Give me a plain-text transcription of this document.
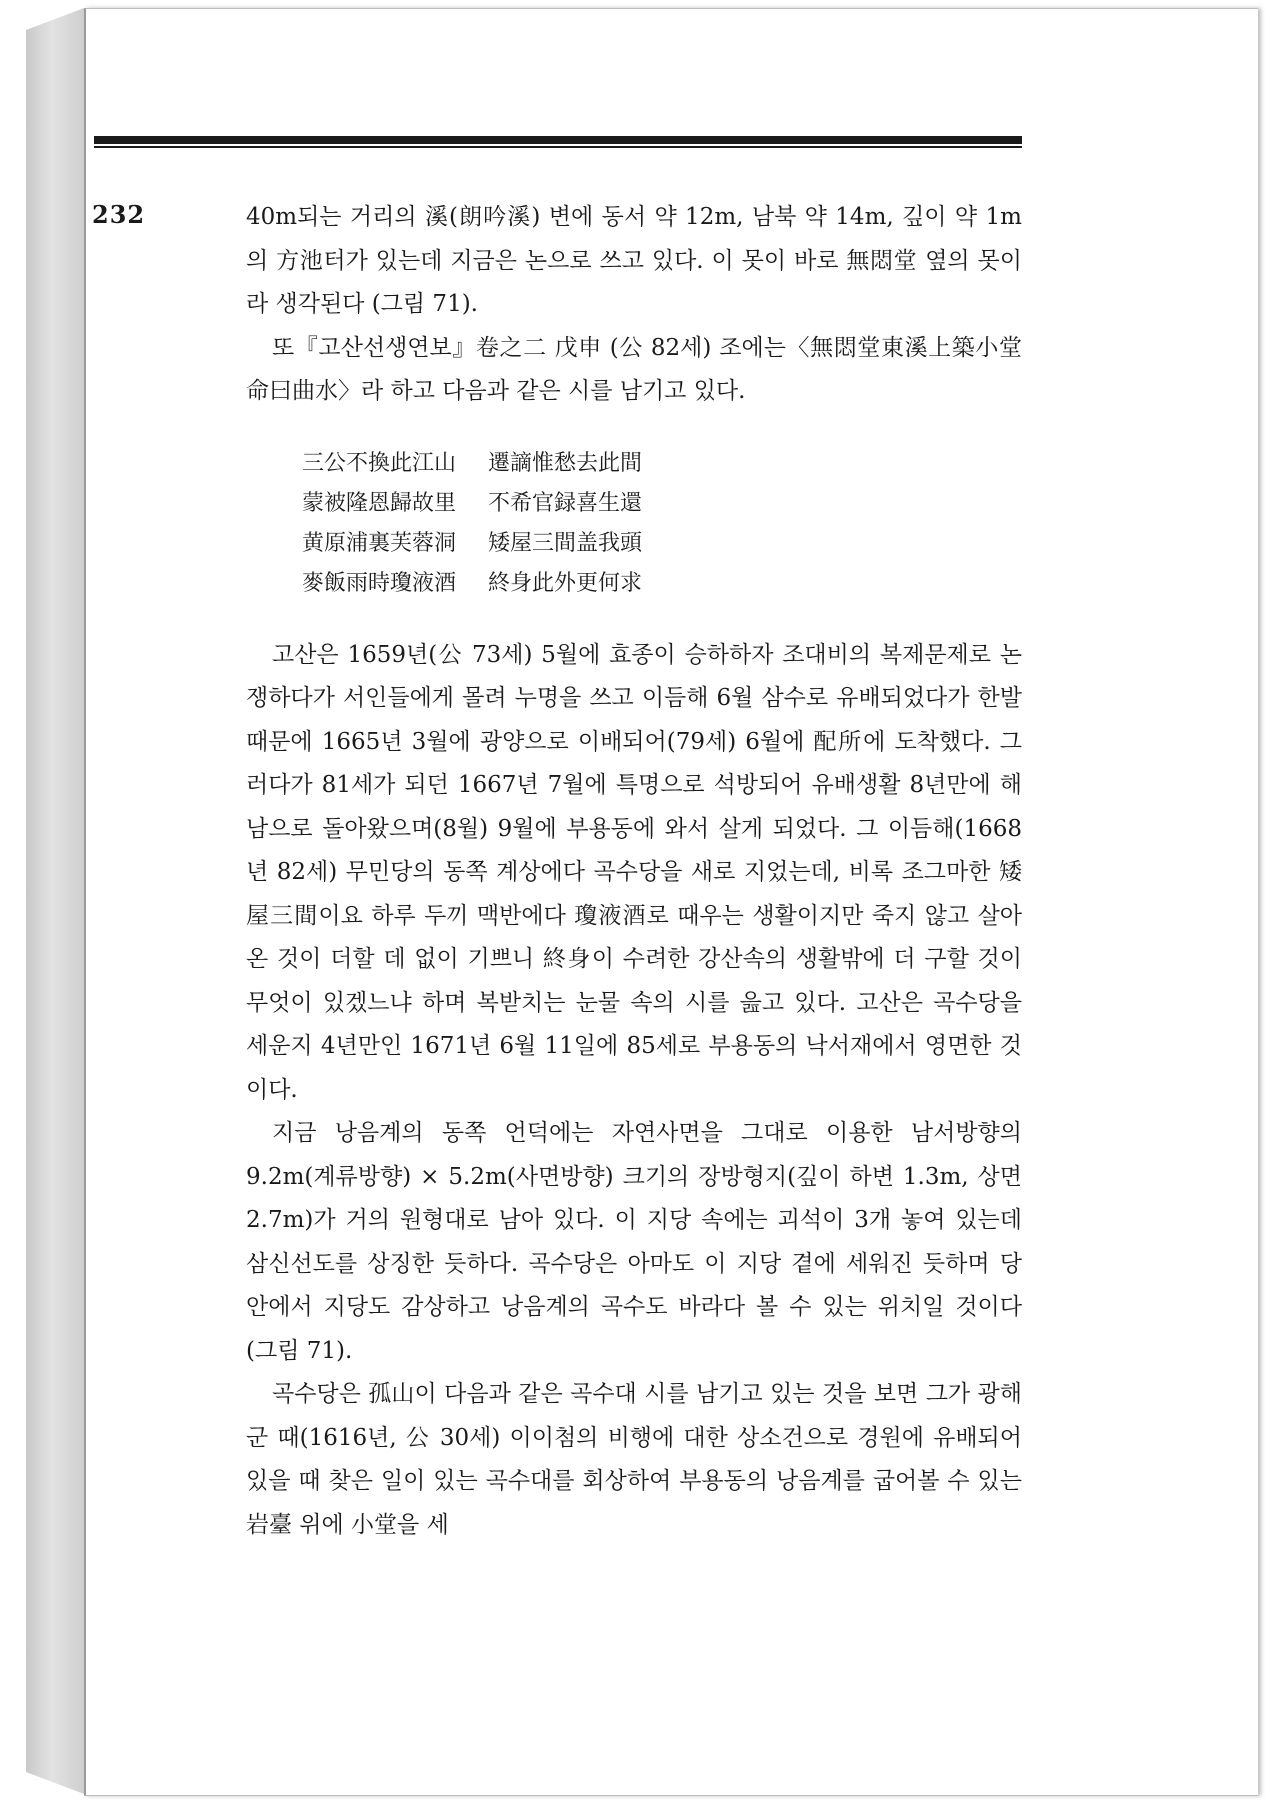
232	40m되는 거리의 溪(朗吟溪) 변에 동서 약 12m, 남북 약 14m, 깊이 약 1m의 方池터가 있는데 지금은 논으로 쓰고 있다. 이 못이 바로 無悶堂 옆의 못이라 생각된다 (그림 71).

또『고산선생연보』卷之二 戊申 (公 82세) 조에는〈無悶堂東溪上築小堂命曰曲水〉라 하고 다음과 같은 시를 남기고 있다.

三公不換此江山	遷謫惟愁去此間
蒙被隆恩歸故里	不希官録喜生還
黄原浦裏芙蓉洞	矮屋三間盖我頭
麥飯雨時瓊液酒	終身此外更何求

고산은 1659년(公 73세) 5월에 효종이 승하하자 조대비의 복제문제로 논쟁하다가 서인들에게 몰려 누명을 쓰고 이듬해 6월 삼수로 유배되었다가 한발 때문에 1665년 3월에 광양으로 이배되어(79세) 6월에 配所에 도착했다. 그러다가 81세가 되던 1667년 7월에 특명으로 석방되어 유배생활 8년만에 해남으로 돌아왔으며(8월) 9월에 부용동에 와서 살게 되었다. 그 이듬해(1668년 82세) 무민당의 동쪽 계상에다 곡수당을 새로 지었는데, 비록 조그마한 矮屋三間이요 하루 두끼 맥반에다 瓊液酒로 때우는 생활이지만 죽지 않고 살아온 것이 더할 데 없이 기쁘니 終身이 수려한 강산속의 생활밖에 더 구할 것이 무엇이 있겠느냐 하며 복받치는 눈물 속의 시를 읊고 있다. 고산은 곡수당을 세운지 4년만인 1671년 6월 11일에 85세로 부용동의 낙서재에서 영면한 것이다.

지금 낭음계의 동쪽 언덕에는 자연사면을 그대로 이용한 남서방향의 9.2m(계류방향) × 5.2m(사면방향) 크기의 장방형지(깊이 하변 1.3m, 상면 2.7m)가 거의 원형대로 남아 있다. 이 지당 속에는 괴석이 3개 놓여 있는데 삼신선도를 상징한 듯하다. 곡수당은 아마도 이 지당 곁에 세워진 듯하며 당 안에서 지당도 감상하고 낭음계의 곡수도 바라다 볼 수 있는 위치일 것이다 (그림 71).

곡수당은 孤山이 다음과 같은 곡수대 시를 남기고 있는 것을 보면 그가 광해군 때(1616년, 公 30세) 이이첨의 비행에 대한 상소건으로 경원에 유배되어 있을 때 찾은 일이 있는 곡수대를 회상하여 부용동의 낭음계를 굽어볼 수 있는 岩臺 위에 小堂을 세
